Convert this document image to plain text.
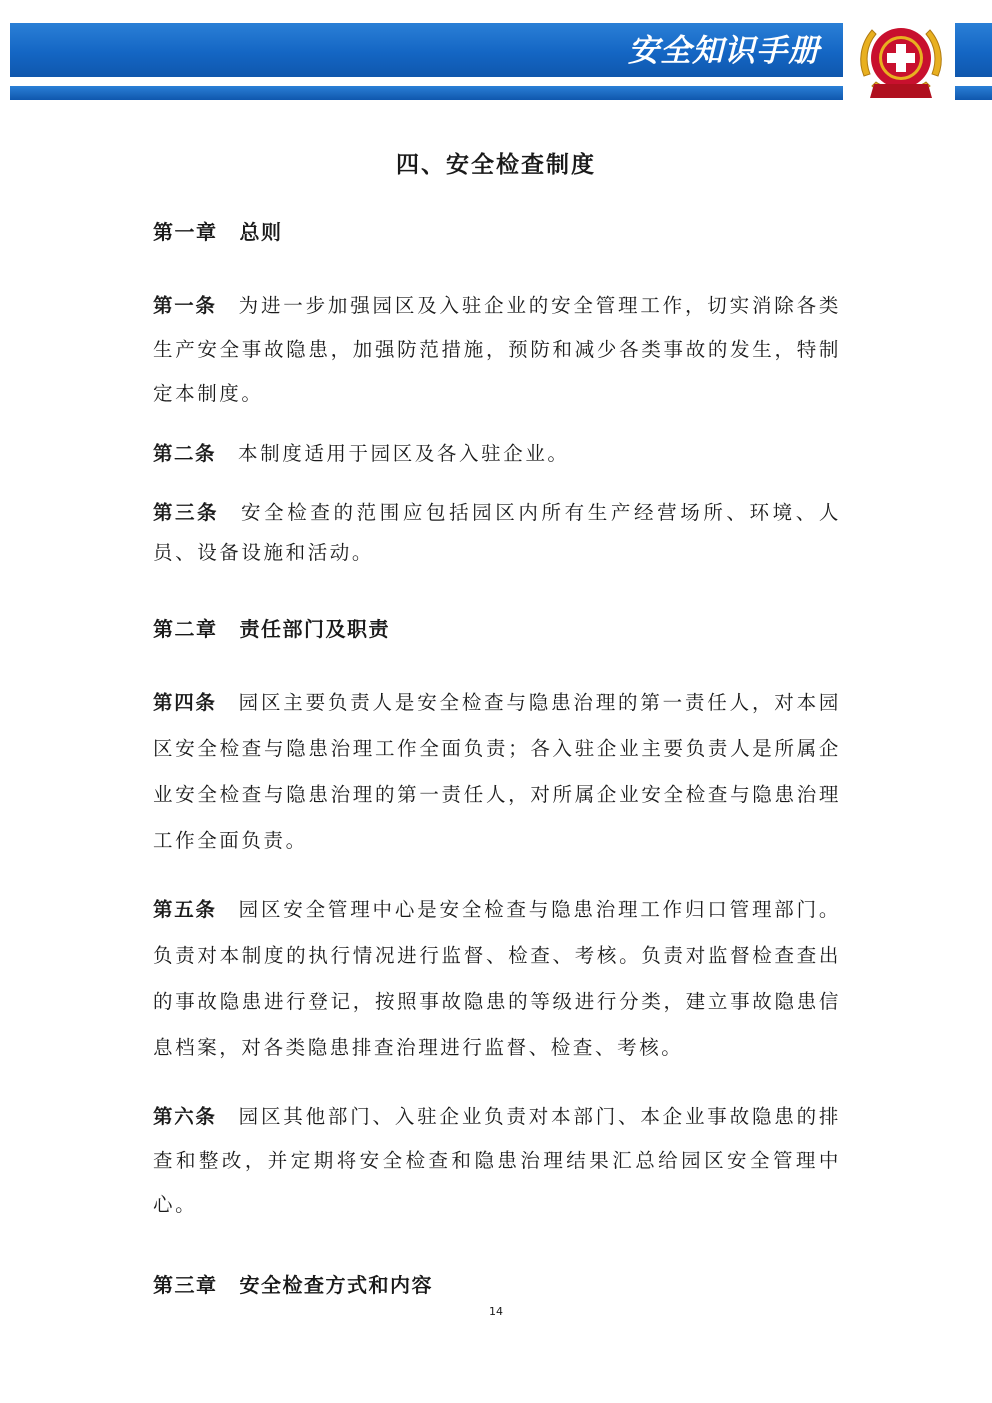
安全知识手册
四、安全检查制度
第一章 总则
第一条 为进一步加强园区及入驻企业的安全管理工作，切实消除各类生产安全事故隐患，加强防范措施，预防和减少各类事故的发生，特制定本制度。
第二条 本制度适用于园区及各入驻企业。
第三条 安全检查的范围应包括园区内所有生产经营场所、环境、人员、设备设施和活动。
第二章 责任部门及职责
第四条 园区主要负责人是安全检查与隐患治理的第一责任人，对本园区安全检查与隐患治理工作全面负责；各入驻企业主要负责人是所属企业安全检查与隐患治理的第一责任人，对所属企业安全检查与隐患治理工作全面负责。
第五条 园区安全管理中心是安全检查与隐患治理工作归口管理部门。负责对本制度的执行情况进行监督、检查、考核。负责对监督检查查出的事故隐患进行登记，按照事故隐患的等级进行分类，建立事故隐患信息档案，对各类隐患排查治理进行监督、检查、考核。
第六条 园区其他部门、入驻企业负责对本部门、本企业事故隐患的排查和整改，并定期将安全检查和隐患治理结果汇总给园区安全管理中心。
第三章 安全检查方式和内容
14
